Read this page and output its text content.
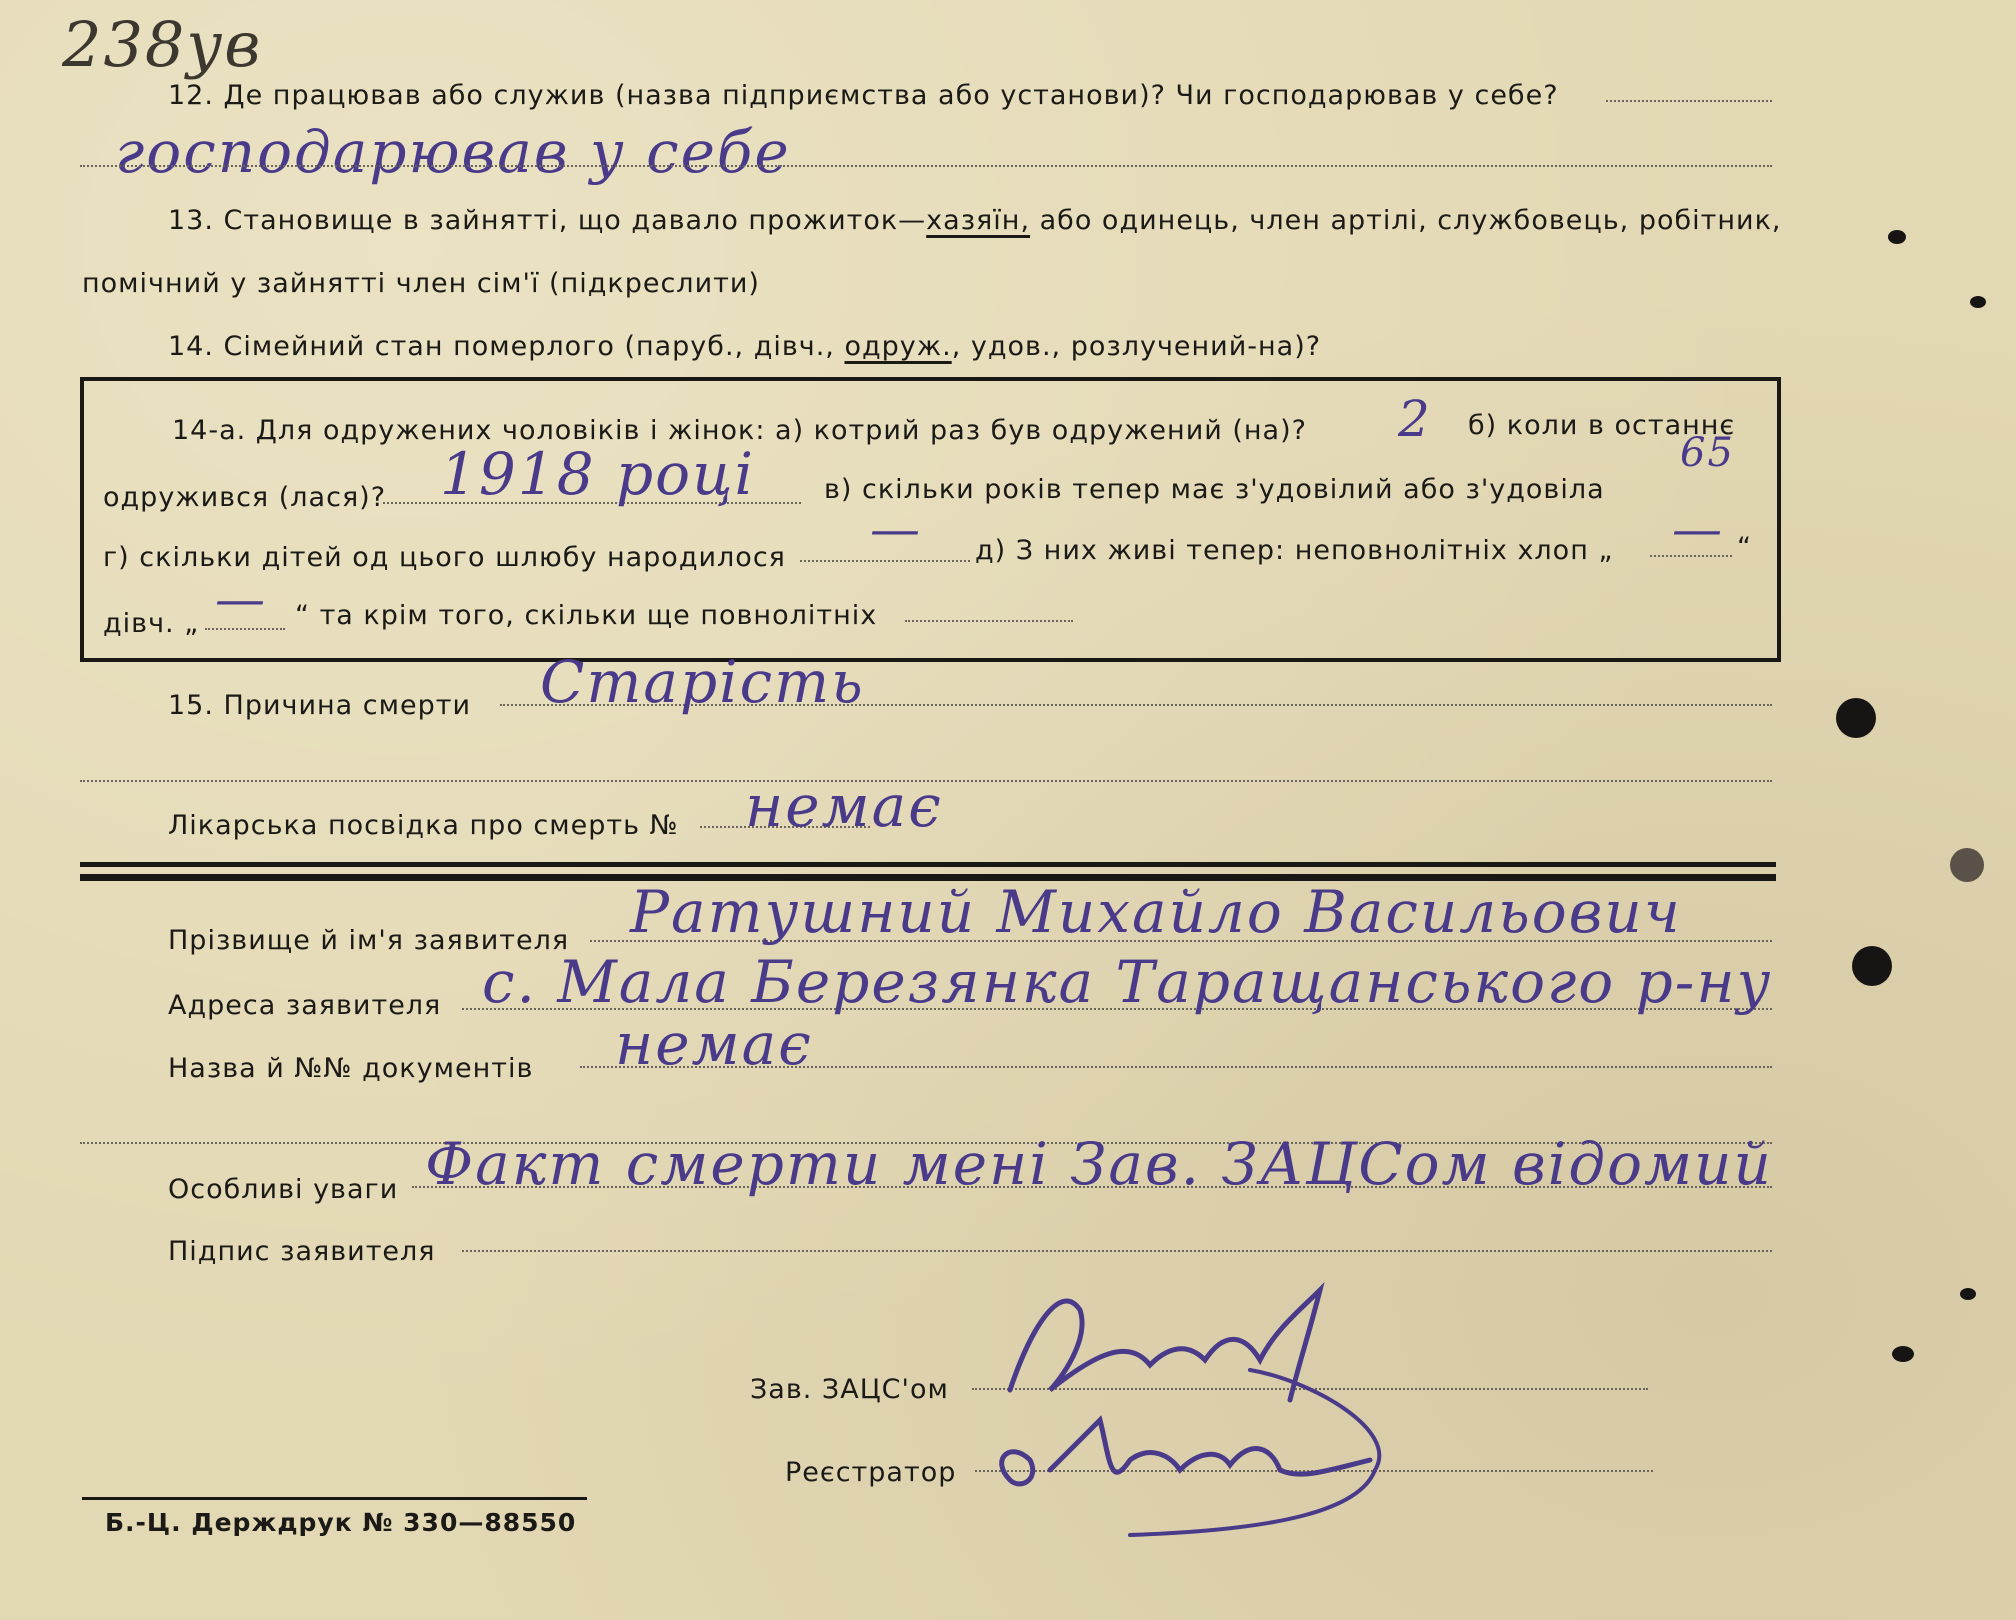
238ув
12. Де працював або служив (назва підприємства або установи)? Чи господарював у себе?
господарював у себе
13. Становище в зайнятті, що давало прожиток—хазяїн, або одинець, член артілі, службовець, робітник,
помічний у зайнятті член сім'ї (підкреслити)
14. Сімейний стан померлого (паруб., дівч., одруж., удов., розлучений-на)?
14-а. Для одружених чоловіків і жінок: а) котрий раз був одружений (на)? 2 б) коли в останнє
одружився (лася)? 1918 році	в) скільки років тепер має з'удовілий або з'удовіла
65
г) скільки дітей од цього шлюбу народилося — д) З них живі тепер: неповнолітніх хлоп „ — “
дівч. „ — “ та крім того, скільки ще повнолітніх
15. Причина смерти Старість
Лікарська посвідка про смерть № немає
Прізвище й ім'я заявителя Ратушний Михайло Васильович
Адреса заявителя с. Мала Березянка Таращанського р-ну
Назва й №№ документів немає
Особливі уваги Факт смерти мені Зав. ЗАЦСом відомий
Підпис заявителя
Зав. ЗАЦС'ом
Реєстратор
Б.-Ц. Держдрук № 330—88550
